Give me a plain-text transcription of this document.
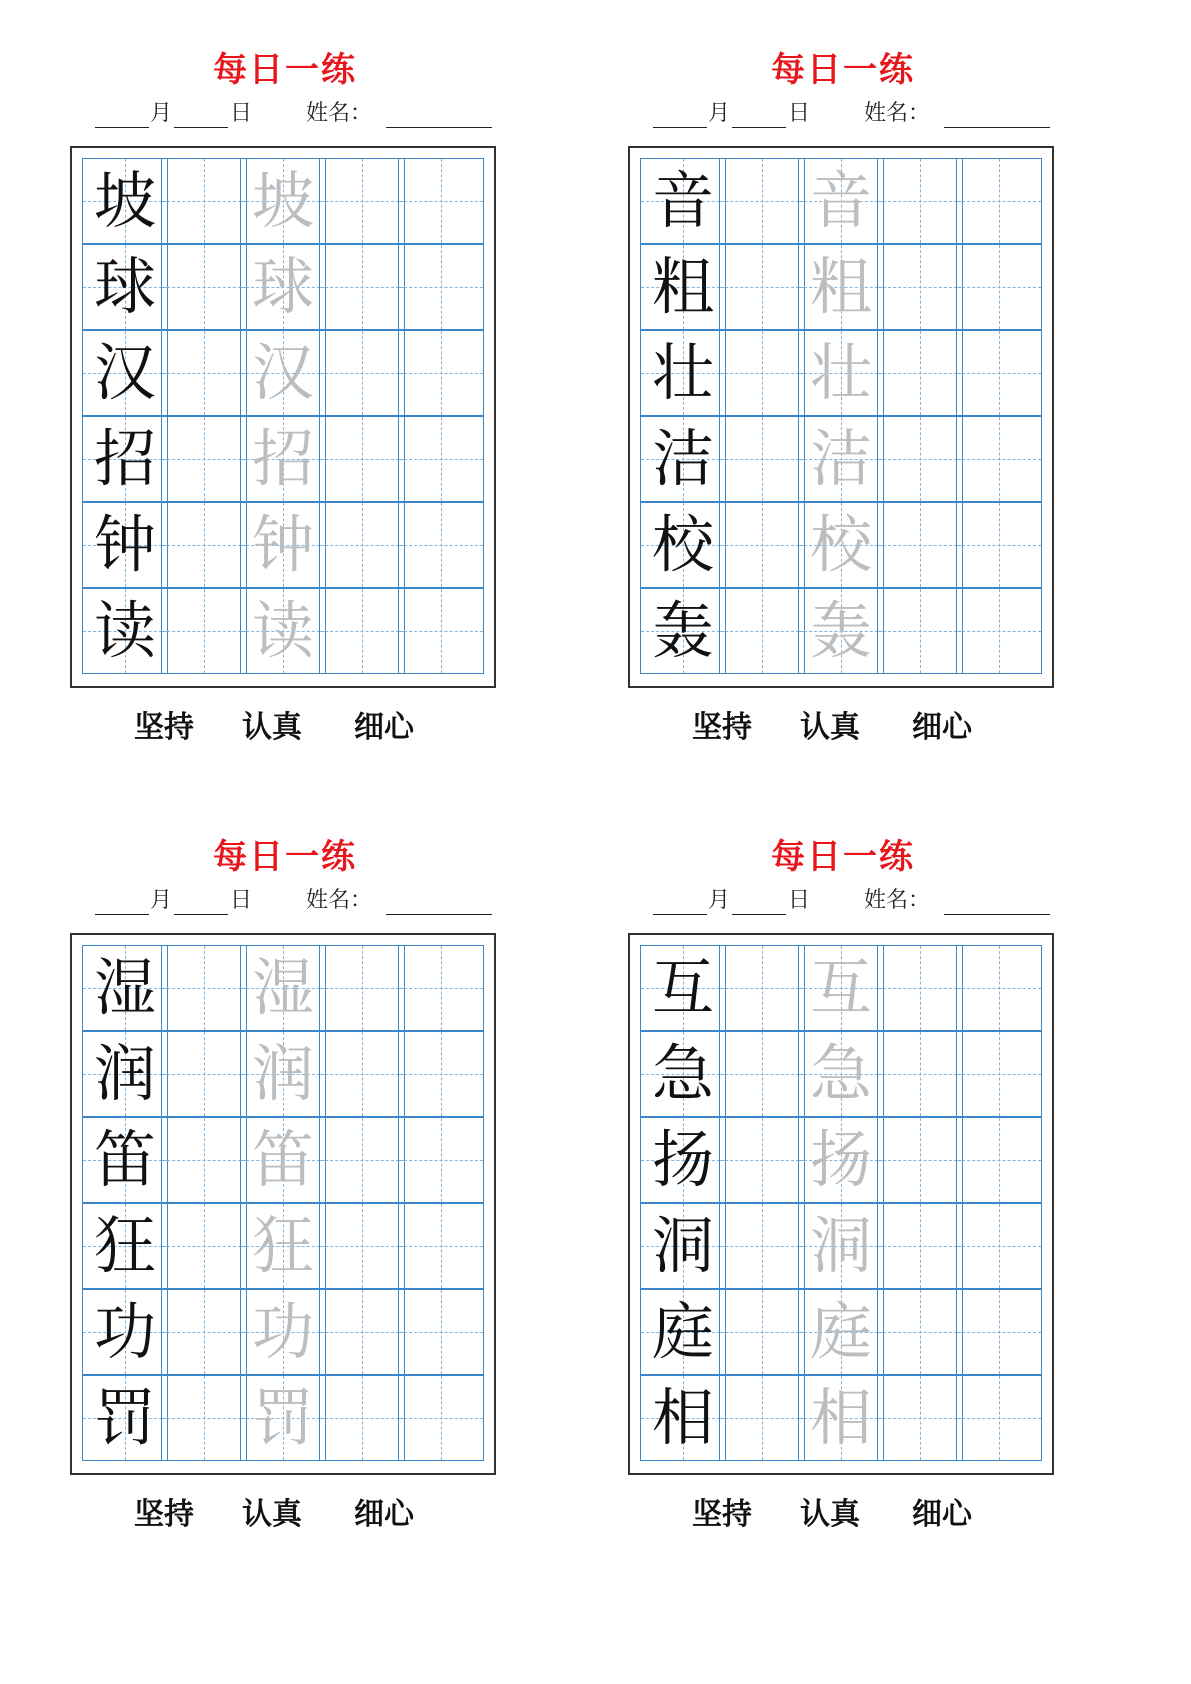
每日一练
月	日 姓名：
坡 坡
球 球
汉 汉
招 招
钟 钟
读 读
坚持 认真 细心
每日一练
月	日 姓名：
音 音
粗 粗
壮 壮
洁 洁
校 校
轰 轰
坚持 认真 细心
每日一练
月	日 姓名：
湿 湿
润 润
笛 笛
狂 狂
功 功
罚 罚
坚持 认真 细心
每日一练
月	日 姓名：
互 互
急 急
扬 扬
洞 洞
庭 庭
相 相
坚持 认真 细心
